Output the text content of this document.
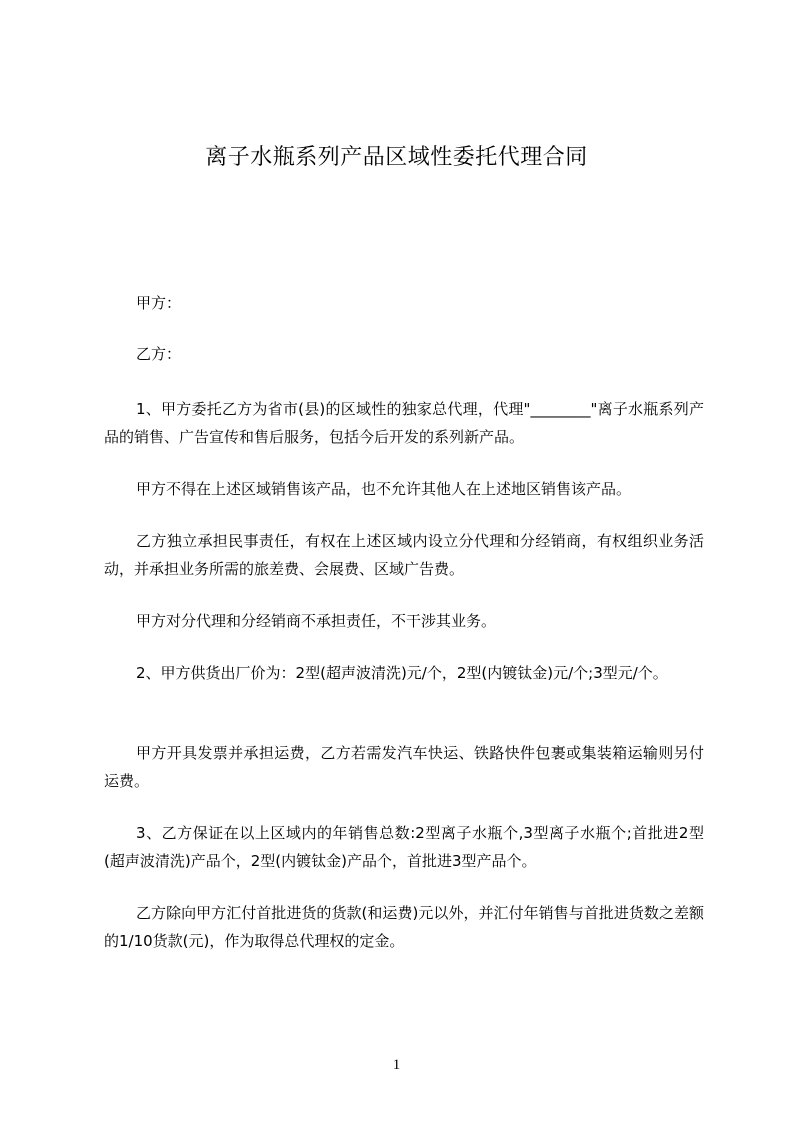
离子水瓶系列产品区域性委托代理合同
甲方：
乙方：
1、甲方委托乙方为省市(县)的区域性的独家总代理，代理"________"离子水瓶系列产品的销售、广告宣传和售后服务，包括今后开发的系列新产品。
甲方不得在上述区域销售该产品，也不允许其他人在上述地区销售该产品。
乙方独立承担民事责任，有权在上述区域内设立分代理和分经销商，有权组织业务活动，并承担业务所需的旅差费、会展费、区域广告费。
甲方对分代理和分经销商不承担责任，不干涉其业务。
2、甲方供货出厂价为：2型(超声波清洗)元/个，2型(内镀钛金)元/个;3型元/个。
甲方开具发票并承担运费，乙方若需发汽车快运、铁路快件包裹或集装箱运输则另付运费。
3、乙方保证在以上区域内的年销售总数:2型离子水瓶个,3型离子水瓶个;首批进2型(超声波清洗)产品个，2型(内镀钛金)产品个，首批进3型产品个。
乙方除向甲方汇付首批进货的货款(和运费)元以外，并汇付年销售与首批进货数之差额的1/10货款(元)，作为取得总代理权的定金。
1
